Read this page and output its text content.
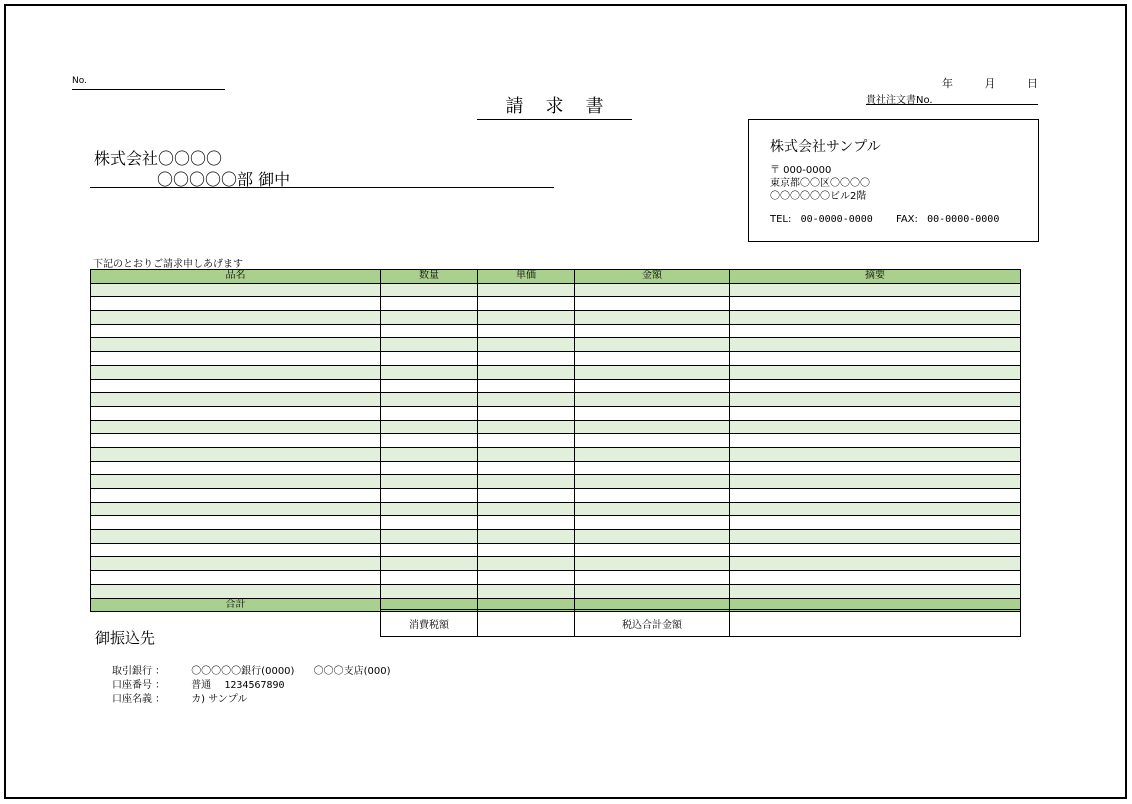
No.
請求書
年	月	日
貴社注文書No.
株式会社〇〇〇〇
〇〇〇〇〇部 御中
株式会社サンプル
〒 000-0000
東京都〇〇区〇〇〇〇
〇〇〇〇〇〇ビル2階
TEL: 00-0000-0000 FAX: 00-0000-0000
下記のとおりご請求申しあげます
品名	数量	単価	金額	摘要

合計				
消費税額		税込合計金額	
御振込先
取引銀行 ：	〇〇〇〇〇銀行(0000) 〇〇〇支店(000)
口座番号 ：	普通 1234567890
口座名義 ：	カ) サンプル
